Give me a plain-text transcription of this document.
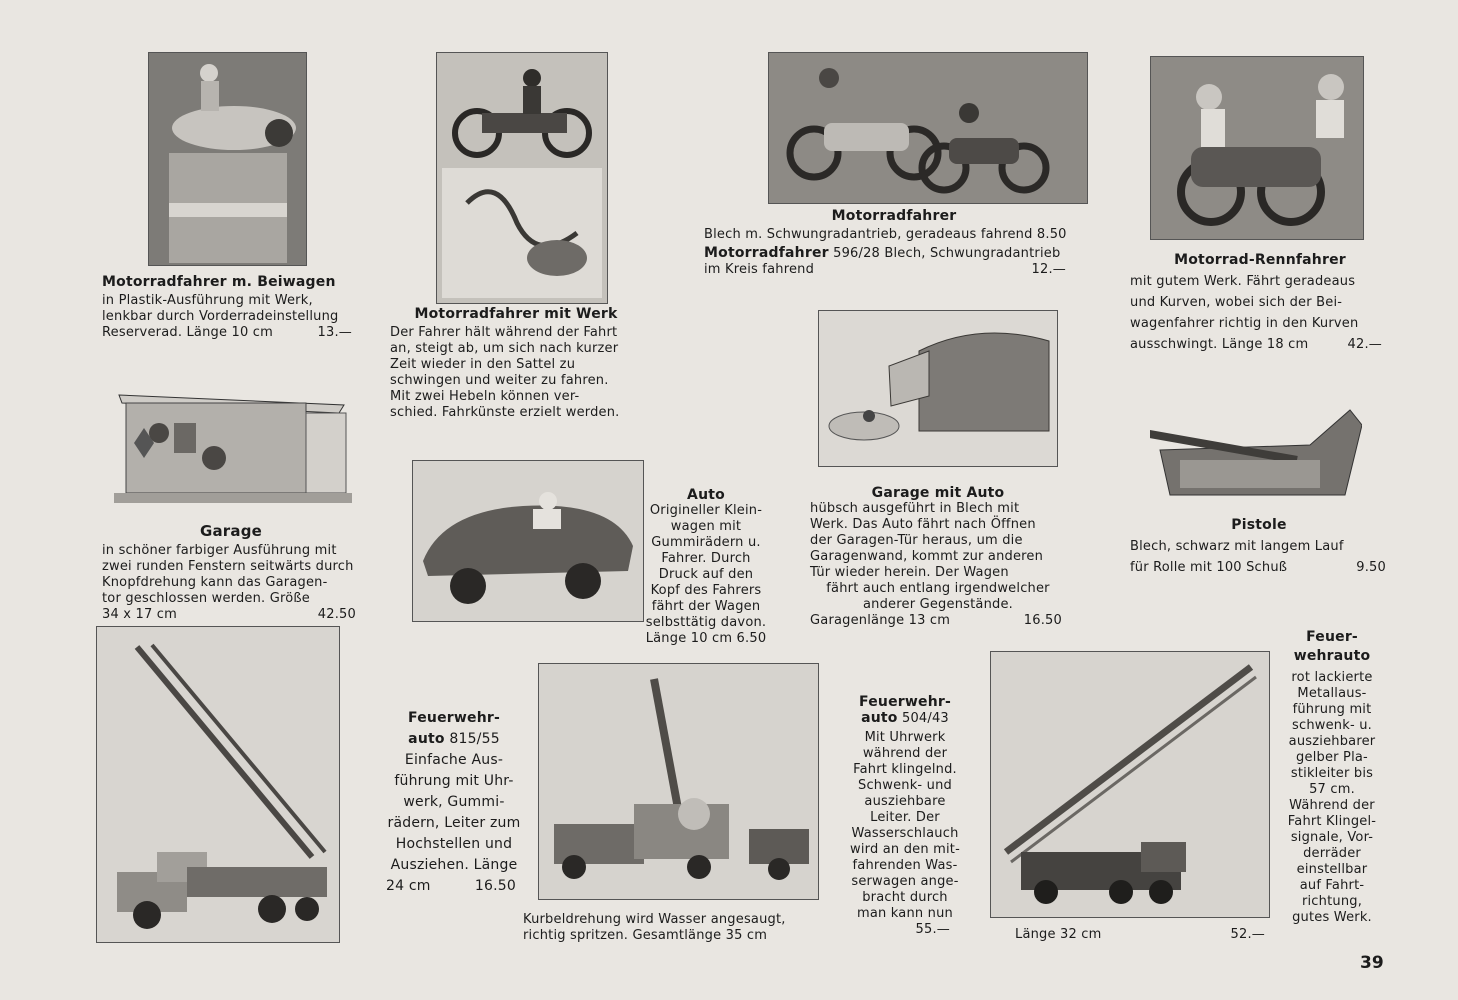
Motorradfahrer m. Beiwagen
in Plastik-Ausführung mit Werk,
lenkbar durch Vorderradeinstellung
Reserverad. Länge 10 cm	13.—
Motorradfahrer mit Werk
Der Fahrer hält während der Fahrt
an, steigt ab, um sich nach kurzer
Zeit wieder in den Sattel zu
schwingen und weiter zu fahren.
Mit zwei Hebeln können ver-
schied. Fahrkünste erzielt werden.
Motorradfahrer
Blech m. Schwungradantrieb, geradeaus fahrend 8.50
Motorradfahrer 596/28 Blech, Schwungradantrieb
im Kreis fahrend	12.—
Motorrad-Rennfahrer
mit gutem Werk. Fährt geradeaus
und Kurven, wobei sich der Bei-
wagenfahrer richtig in den Kurven
ausschwingt. Länge 18 cm	42.—
Garage
in schöner farbiger Ausführung mit
zwei runden Fenstern seitwärts durch
Knopfdrehung kann das Garagen-
tor geschlossen werden. Größe
34 x 17 cm	42.50
Auto
Origineller Klein-
wagen mit
Gummirädern u.
Fahrer. Durch
Druck auf den
Kopf des Fahrers
fährt der Wagen
selbsttätig davon.
Länge 10 cm 6.50
Garage mit Auto
hübsch ausgeführt in Blech mit
Werk. Das Auto fährt nach Öffnen
der Garagen-Tür heraus, um die
Garagenwand, kommt zur anderen
Tür wieder herein. Der Wagen
fährt auch entlang irgendwelcher
anderer Gegenstände.
Garagenlänge 13 cm	16.50
Pistole
Blech, schwarz mit langem Lauf
für Rolle mit 100 Schuß	9.50
Feuerwehr-
auto 815/55
Einfache Aus-
führung mit Uhr-
werk, Gummi-
rädern, Leiter zum
Hochstellen und
Ausziehen. Länge
24 cm	16.50
Kurbeldrehung wird Wasser angesaugt,
richtig spritzen. Gesamtlänge 35 cm
Feuerwehr-
auto 504/43
Mit Uhrwerk
während der
Fahrt klingelnd.
Schwenk- und
ausziehbare
Leiter. Der
Wasserschlauch
wird an den mit-
fahrenden Was-
serwagen ange-
bracht durch
man kann nun
55.—	Länge 32 cm	52.—
Feuer-
wehrauto
rot lackierte
Metallaus-
führung mit
schwenk- u.
ausziehbarer
gelber Pla-
stikleiter bis
57 cm.
Während der
Fahrt Klingel-
signale, Vor-
derräder
einstellbar
auf Fahrt-
richtung,
gutes Werk.
39
